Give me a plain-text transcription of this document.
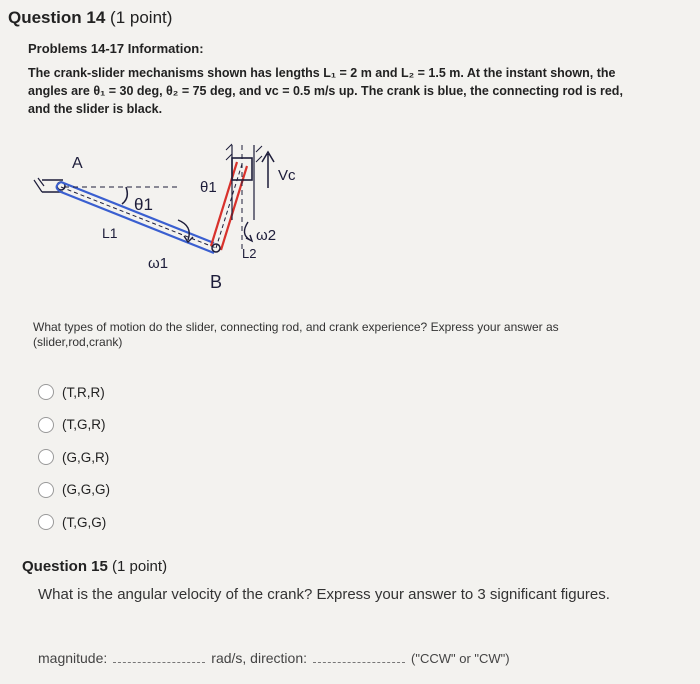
Question 14 (1 point)
Problems 14-17 Information:
The crank-slider mechanisms shown has lengths L₁ = 2 m and L₂ = 1.5 m. At the instant shown, the angles are θ₁ = 30 deg, θ₂ = 75 deg, and vᴄ = 0.5 m/s up. The crank is blue, the connecting rod is red, and the slider is black.
A
B
θ1
θ1
L1
L2
ω1
ω2
Vc
What types of motion do the slider, connecting rod, and crank experience? Express your answer as (slider,rod,crank)
(T,R,R)
(T,G,R)
(G,G,R)
(G,G,G)
(T,G,G)
Question 15 (1 point)
What is the angular velocity of the crank? Express your answer to 3 significant figures.
magnitude:	rad/s, direction:	("CCW" or "CW")
